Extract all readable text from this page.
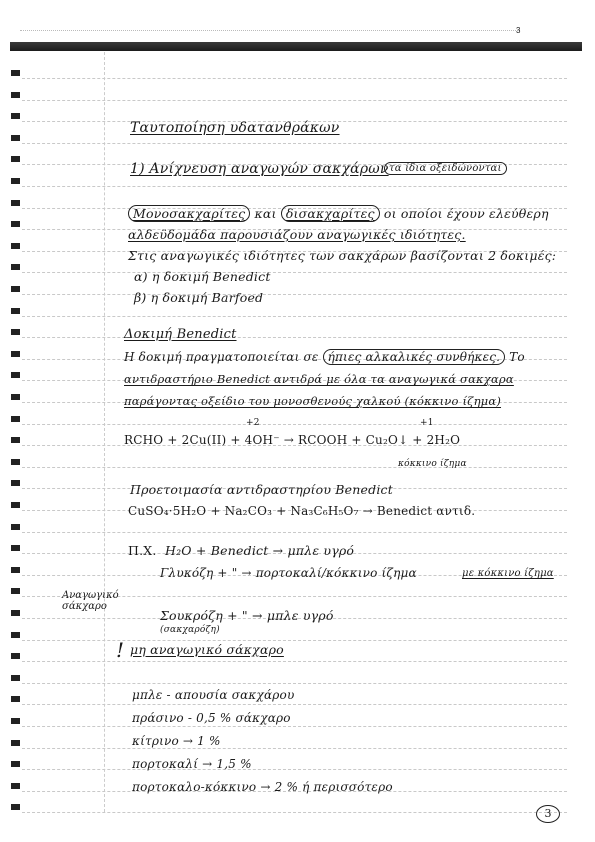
3
Ταυτοποίηση υδατανθράκων
1) Ανίχνευση αναγωγών σακχάρων τα ίδια οξειδώνονται
Μονοσακχαρίτες και δισακχαρίτες οι οποίοι έχουν ελεύθερη
αλδεϋδομάδα παρουσιάζουν αναγωγικές ιδιότητες.
Στις αναγωγικές ιδιότητες των σακχάρων βασίζονται 2 δοκιμές:
α) η δοκιμή Benedict
β) η δοκιμή Barfoed
Δοκιμή Benedict
Η δοκιμή πραγματοποιείται σε ήπιες αλκαλικές συνθήκες. Το
αντιδραστήριο Benedict αντιδρά με όλα τα αναγωγικά σακχαρα
παράγοντας οξείδιο του μονοσθενούς χαλκού (κόκκινο ίζημα)
+2	+1
RCHO + 2Cu(II) + 4OH⁻ → RCOOH + Cu₂O↓ + 2H₂O
κόκκινο ίζημα
Προετοιμασία αντιδραστηρίου Benedict
CuSO₄·5H₂O + Na₂CO₃ + Na₃C₆H₅O₇ → Benedict αντιδ.
Π.Χ. H₂O + Benedict → μπλε υγρό
Γλυκόζη + " → πορτοκαλί/κόκκινο ίζημα	με κόκκινο ίζημα
Αναγωγικό
σάκχαρο
Σουκρόζη + " → μπλε υγρό
(σακχαρόζη)
! μη αναγωγικό σάκχαρο
μπλε - απουσία σακχάρου
πράσινο - 0,5 % σάκχαρο
κίτρινο → 1 %
πορτοκαλί → 1,5 %
πορτοκαλο-κόκκινο → 2 % ή περισσότερο
3
